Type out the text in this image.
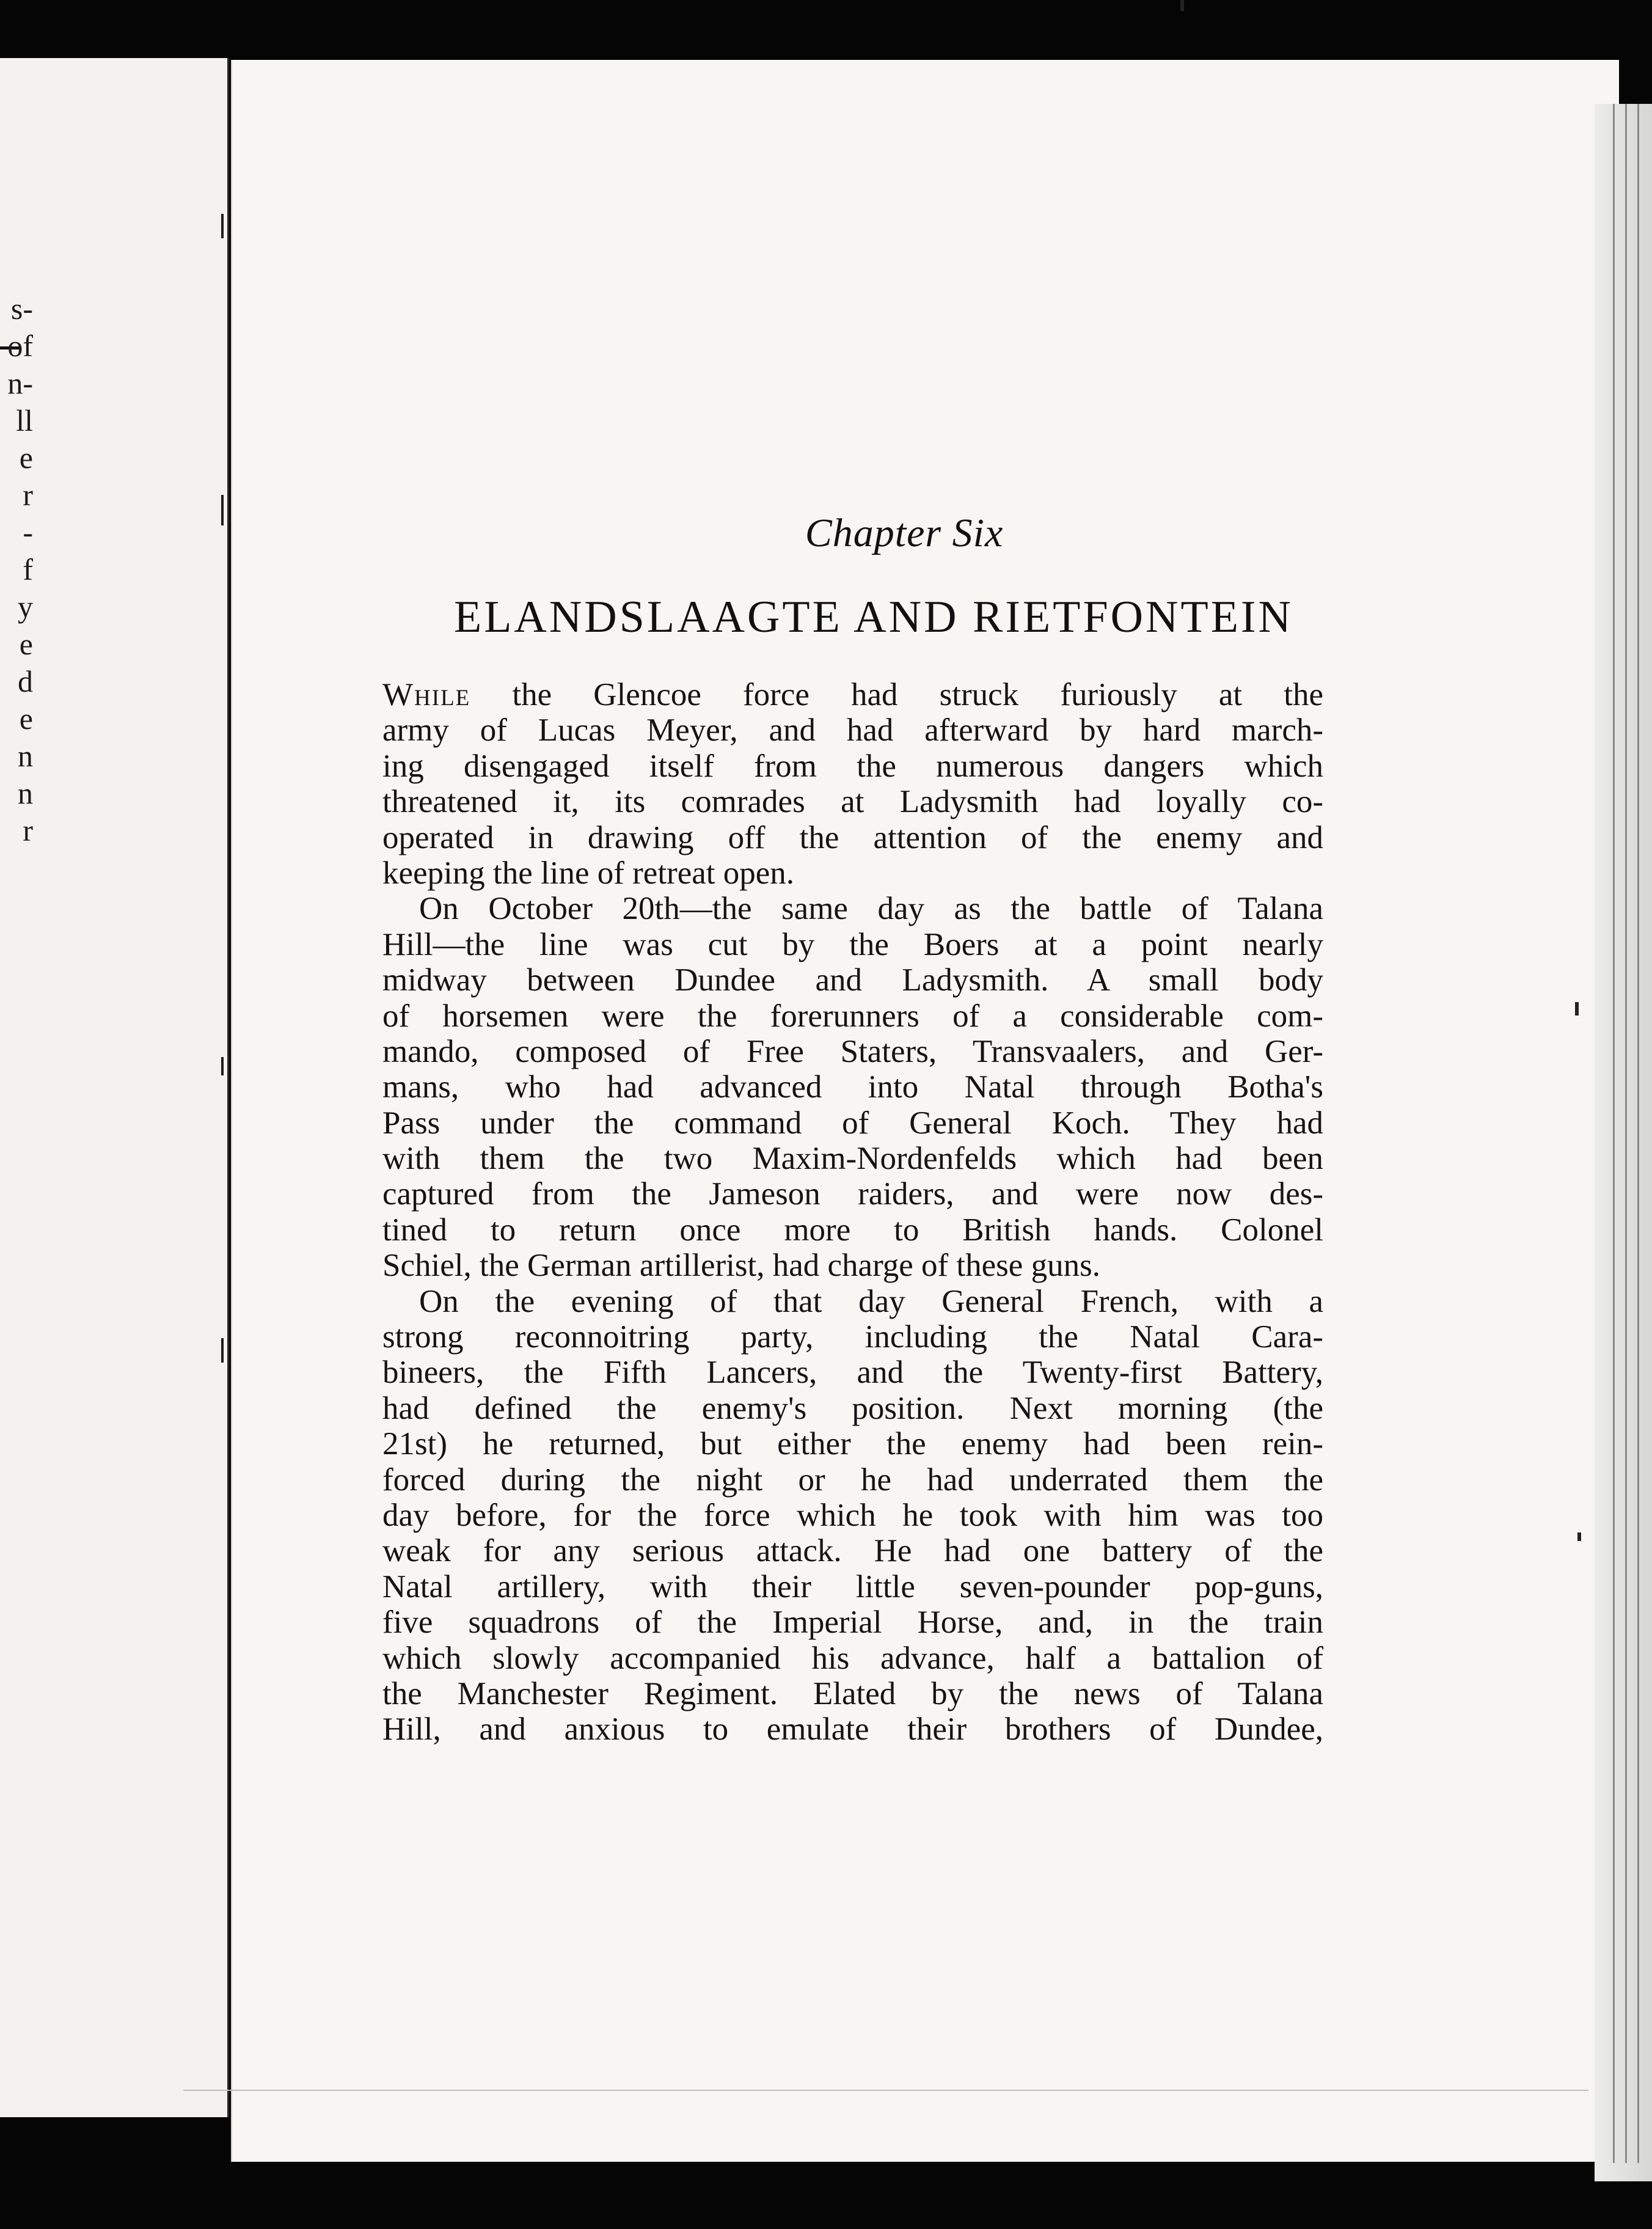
s-
of
n-
ll
e
r
-
f
y
e
d
e
n
n
r
Chapter Six
ELANDSLAAGTE AND RIETFONTEIN
While the Glencoe force had struck furiously at the
army of Lucas Meyer, and had afterward by hard march-
ing disengaged itself from the numerous dangers which
threatened it, its comrades at Ladysmith had loyally co-
operated in drawing off the attention of the enemy and
keeping the line of retreat open.
On October 20th—the same day as the battle of Talana
Hill—the line was cut by the Boers at a point nearly
midway between Dundee and Ladysmith. A small body
of horsemen were the forerunners of a considerable com-
mando, composed of Free Staters, Transvaalers, and Ger-
mans, who had advanced into Natal through Botha's
Pass under the command of General Koch. They had
with them the two Maxim-Nordenfelds which had been
captured from the Jameson raiders, and were now des-
tined to return once more to British hands. Colonel
Schiel, the German artillerist, had charge of these guns.
On the evening of that day General French, with a
strong reconnoitring party, including the Natal Cara-
bineers, the Fifth Lancers, and the Twenty-first Battery,
had defined the enemy's position. Next morning (the
21st) he returned, but either the enemy had been rein-
forced during the night or he had underrated them the
day before, for the force which he took with him was too
weak for any serious attack. He had one battery of the
Natal artillery, with their little seven-pounder pop-guns,
five squadrons of the Imperial Horse, and, in the train
which slowly accompanied his advance, half a battalion of
the Manchester Regiment. Elated by the news of Talana
Hill, and anxious to emulate their brothers of Dundee,
